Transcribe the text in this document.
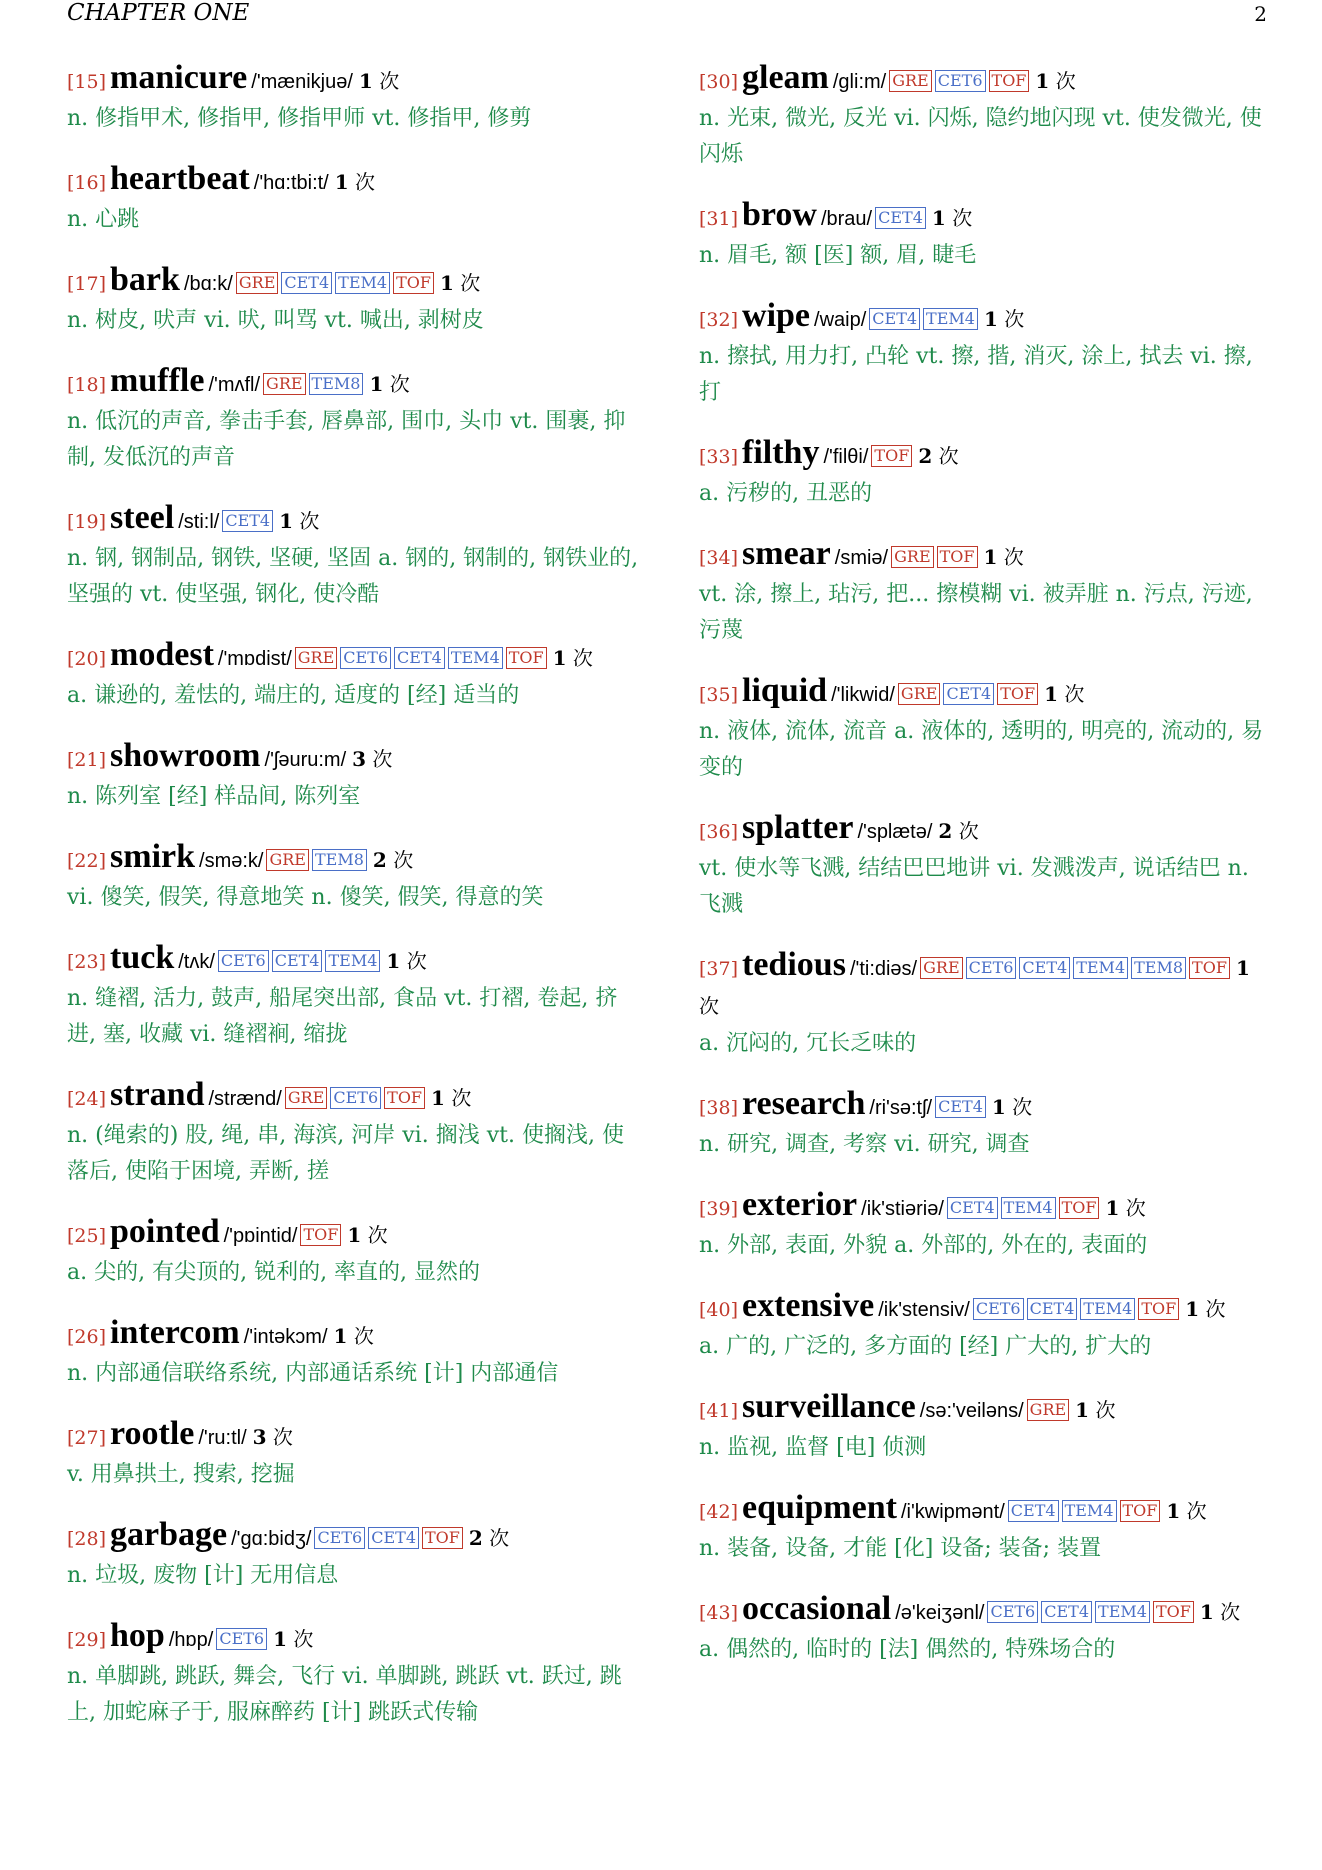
CHAPTER ONE	2
[15] manicure /'mænikjuə/ 1 次
n. 修指甲术, 修指甲, 修指甲师 vt. 修指甲, 修剪
[16] heartbeat /'hɑ:tbi:t/ 1 次
n. 心跳
[17] bark /bɑ:k/ GRE CET4 TEM4 TOF 1 次
n. 树皮, 吠声 vi. 吠, 叫骂 vt. 喊出, 剥树皮
[18] muffle /'mʌfl/ GRE TEM8 1 次
n. 低沉的声音, 拳击手套, 唇鼻部, 围巾, 头巾 vt. 围裹, 抑制, 发低沉的声音
[19] steel /sti:l/ CET4 1 次
n. 钢, 钢制品, 钢铁, 坚硬, 坚固 a. 钢的, 钢制的, 钢铁业的, 坚强的 vt. 使坚强, 钢化, 使冷酷
[20] modest /'mɒdist/ GRE CET6 CET4 TEM4 TOF 1 次
a. 谦逊的, 羞怯的, 端庄的, 适度的 [经] 适当的
[21] showroom /'ʃəuru:m/ 3 次
n. 陈列室 [经] 样品间, 陈列室
[22] smirk /smə:k/ GRE TEM8 2 次
vi. 傻笑, 假笑, 得意地笑 n. 傻笑, 假笑, 得意的笑
[23] tuck /tʌk/ CET6 CET4 TEM4 1 次
n. 缝褶, 活力, 鼓声, 船尾突出部, 食品 vt. 打褶, 卷起, 挤进, 塞, 收藏 vi. 缝褶裥, 缩拢
[24] strand /strænd/ GRE CET6 TOF 1 次
n. (绳索的) 股, 绳, 串, 海滨, 河岸 vi. 搁浅 vt. 使搁浅, 使落后, 使陷于困境, 弄断, 搓
[25] pointed /'pɒintid/ TOF 1 次
a. 尖的, 有尖顶的, 锐利的, 率直的, 显然的
[26] intercom /'intəkɔm/ 1 次
n. 内部通信联络系统, 内部通话系统 [计] 内部通信
[27] rootle /'ru:tl/ 3 次
v. 用鼻拱土, 搜索, 挖掘
[28] garbage /'gɑ:bidʒ/ CET6 CET4 TOF 2 次
n. 垃圾, 废物 [计] 无用信息
[29] hop /hɒp/ CET6 1 次
n. 单脚跳, 跳跃, 舞会, 飞行 vi. 单脚跳, 跳跃 vt. 跃过, 跳上, 加蛇麻子于, 服麻醉药 [计] 跳跃式传输
[30] gleam /gli:m/ GRE CET6 TOF 1 次
n. 光束, 微光, 反光 vi. 闪烁, 隐约地闪现 vt. 使发微光, 使闪烁
[31] brow /brau/ CET4 1 次
n. 眉毛, 额 [医] 额, 眉, 睫毛
[32] wipe /waip/ CET4 TEM4 1 次
n. 擦拭, 用力打, 凸轮 vt. 擦, 揩, 消灭, 涂上, 拭去 vi. 擦, 打
[33] filthy /'filθi/ TOF 2 次
a. 污秽的, 丑恶的
[34] smear /smiə/ GRE TOF 1 次
vt. 涂, 擦上, 玷污, 把... 擦模糊 vi. 被弄脏 n. 污点, 污迹, 污蔑
[35] liquid /'likwid/ GRE CET4 TOF 1 次
n. 液体, 流体, 流音 a. 液体的, 透明的, 明亮的, 流动的, 易变的
[36] splatter /'splætə/ 2 次
vt. 使水等飞溅, 结结巴巴地讲 vi. 发溅泼声, 说话结巴 n. 飞溅
[37] tedious /'ti:diəs/ GRE CET6 CET4 TEM4 TEM8 TOF 1 次
a. 沉闷的, 冗长乏味的
[38] research /ri'sə:tʃ/ CET4 1 次
n. 研究, 调查, 考察 vi. 研究, 调查
[39] exterior /ik'stiəriə/ CET4 TEM4 TOF 1 次
n. 外部, 表面, 外貌 a. 外部的, 外在的, 表面的
[40] extensive /ik'stensiv/ CET6 CET4 TEM4 TOF 1 次
a. 广的, 广泛的, 多方面的 [经] 广大的, 扩大的
[41] surveillance /sə:'veiləns/ GRE 1 次
n. 监视, 监督 [电] 侦测
[42] equipment /i'kwipmənt/ CET4 TEM4 TOF 1 次
n. 装备, 设备, 才能 [化] 设备; 装备; 装置
[43] occasional /ə'keiʒənl/ CET6 CET4 TEM4 TOF 1 次
a. 偶然的, 临时的 [法] 偶然的, 特殊场合的
